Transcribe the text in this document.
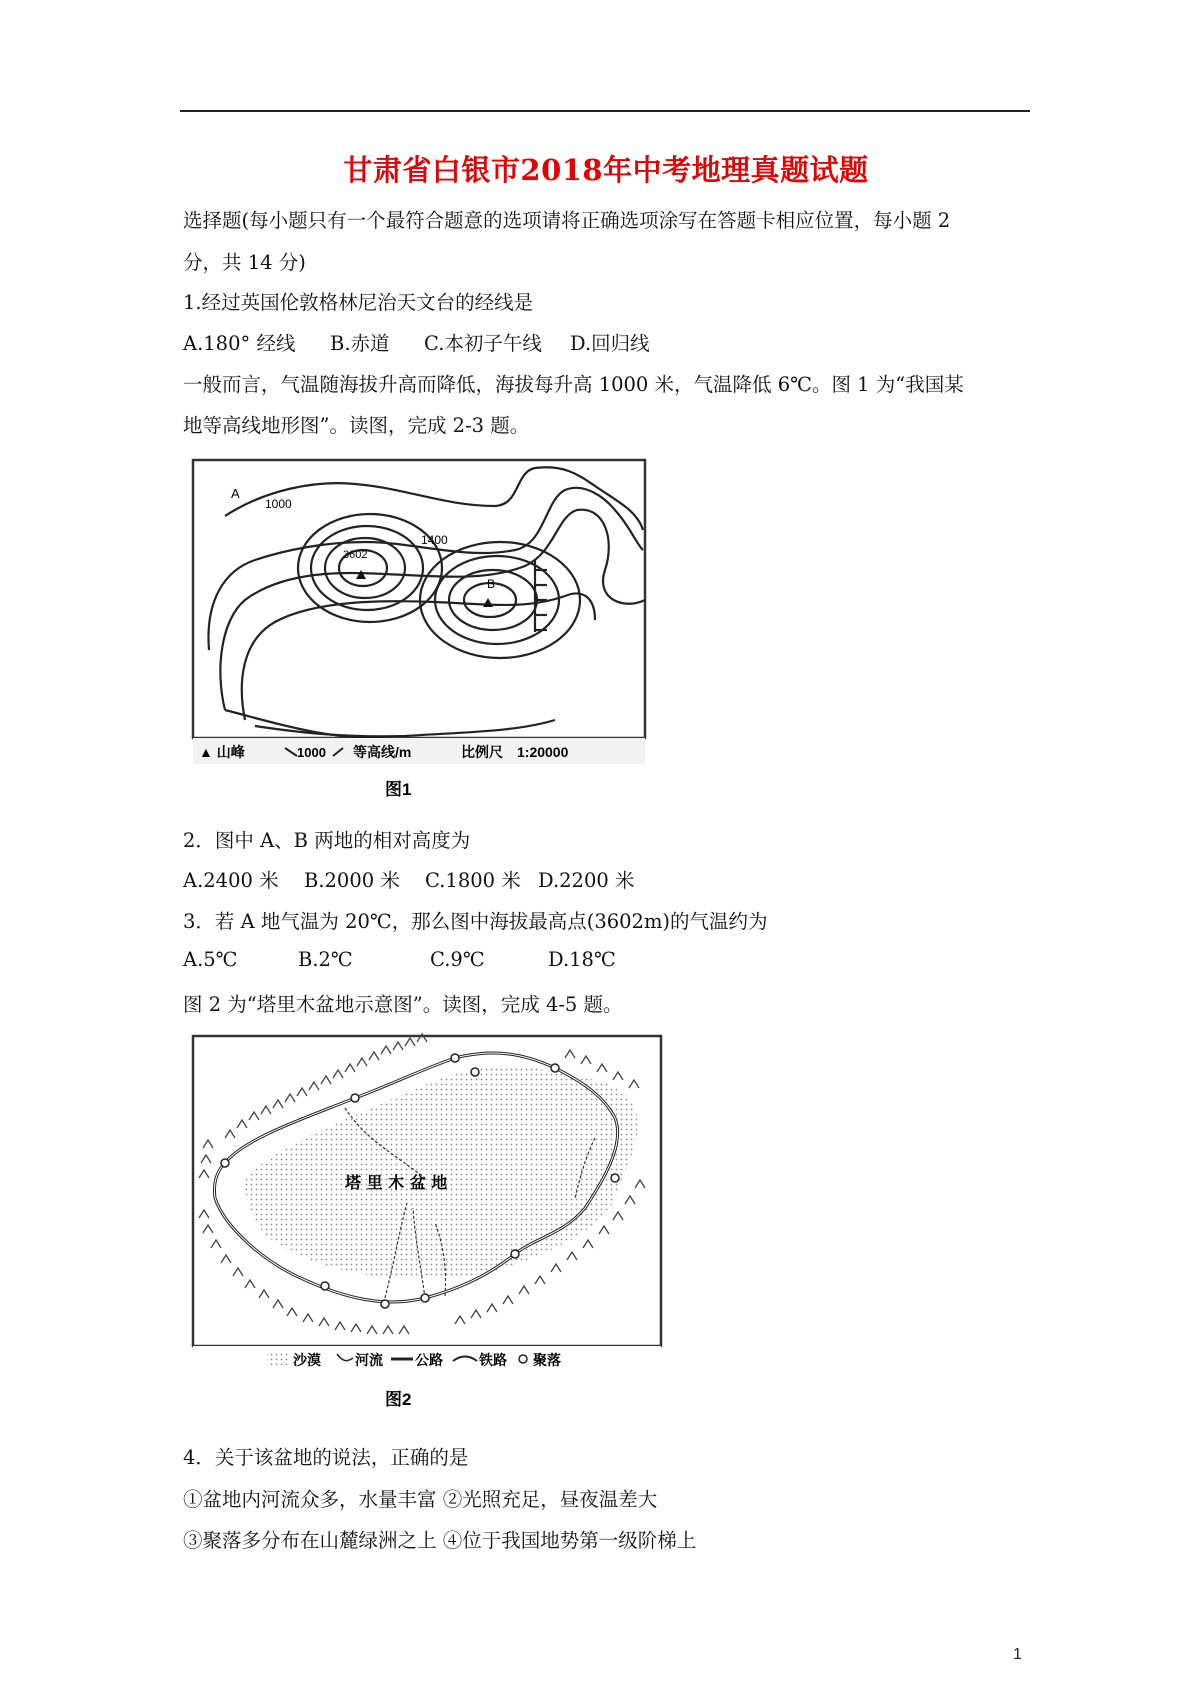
甘肃省白银市2018年中考地理真题试题
选择题(每小题只有一个最符合题意的选项请将正确选项涂写在答题卡相应位置，每小题 2
分，共 14 分)
1.经过英国伦敦格林尼治天文台的经线是
A.180° 经线 B.赤道 C.本初子午线 D.回归线
一般而言，气温随海拔升高而降低，海拔每升高 1000 米，气温降低 6℃。图 1 为“我国某
地等高线地形图”。读图，完成 2-3 题。
A
1000
1400
3602
B
▲ 山峰	1000 等高线/m	比例尺　1:20000
图1
2．图中 A、B 两地的相对高度为
A.2400 米 B.2000 米 C.1800 米 D.2200 米
3．若 A 地气温为 20℃，那么图中海拔最高点(3602m)的气温约为
A.5℃	B.2℃	C.9℃	D.18℃
图 2 为“塔里木盆地示意图”。读图，完成 4-5 题。
塔 里 木 盆 地
沙漠 河流 公路	铁路 聚落
图2
4．关于该盆地的说法，正确的是
①盆地内河流众多，水量丰富 ②光照充足，昼夜温差大
③聚落多分布在山麓绿洲之上 ④位于我国地势第一级阶梯上
1
